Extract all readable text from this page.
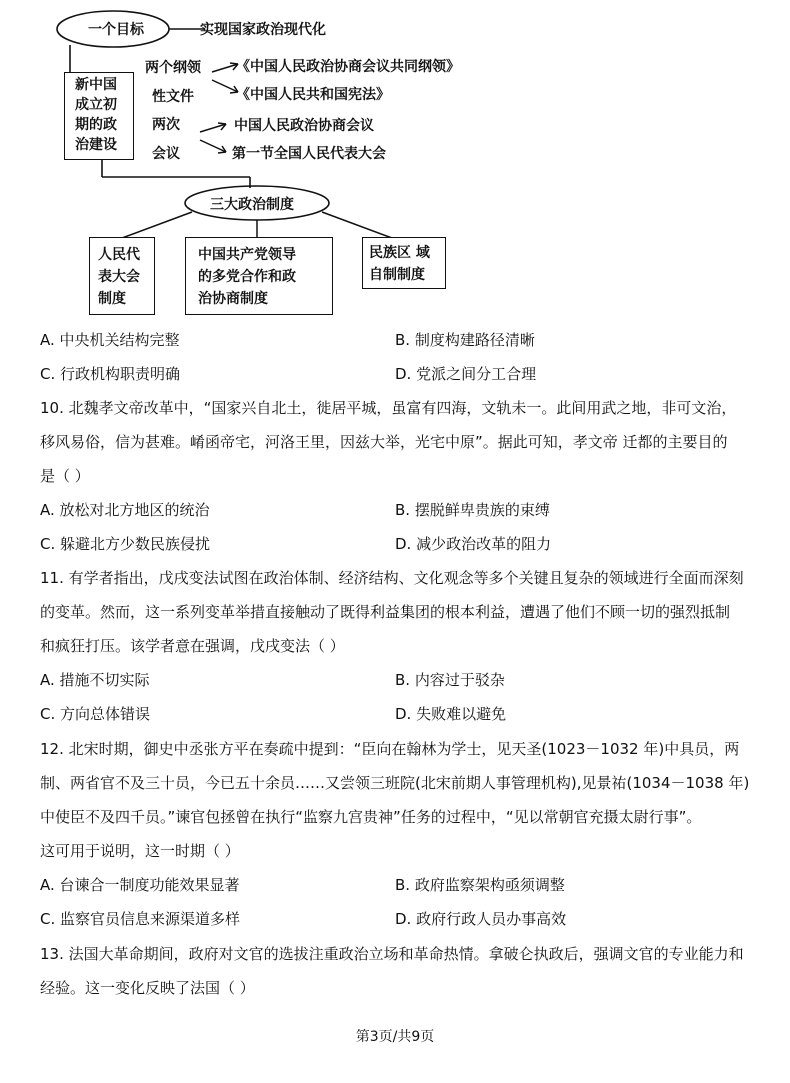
一个目标	实现国家政治现代化
新中国
成立初
期的政
治建设
两个纲领
性文件
《中国人民政治协商会议共同纲领》
《中国人民共和国宪法》
两次
会议
中国人民政治协商会议
第一节全国人民代表大会
三大政治制度
人民代
表大会
制度
中国共产党领导
的多党合作和政
治协商制度
民族区 域
自制制度
A. 中央机关结构完整	B. 制度构建路径清晰
C. 行政机构职责明确	D. 党派之间分工合理
10. 北魏孝文帝改革中，“国家兴自北土，徙居平城，虽富有四海，文轨未一。此间用武之地，非可文治，
移风易俗，信为甚难。崤函帝宅，河洛王里，因兹大举，光宅中原”。据此可知，孝文帝 迁都的主要目的
是（ ）
A. 放松对北方地区的统治	B. 摆脱鲜卑贵族的束缚
C. 躲避北方少数民族侵扰	D. 减少政治改革的阻力
11. 有学者指出，戊戌变法试图在政治体制、经济结构、文化观念等多个关键且复杂的领域进行全面而深刻
的变革。然而，这一系列变革举措直接触动了既得利益集团的根本利益，遭遇了他们不顾一切的强烈抵制
和疯狂打压。该学者意在强调，戊戌变法（ ）
A. 措施不切实际	B. 内容过于驳杂
C. 方向总体错误	D. 失败难以避免
12. 北宋时期，御史中丞张方平在奏疏中提到：“臣向在翰林为学士，见天圣(1023－1032 年)中具员，两
制、两省官不及三十员，今已五十余员……又尝领三班院(北宋前期人事管理机构),见景祐(1034－1038 年)
中使臣不及四千员。”谏官包拯曾在执行“监察九宫贵神”任务的过程中，“见以常朝官充摄太尉行事”。
这可用于说明，这一时期（ ）
A. 台谏合一制度功能效果显著	B. 政府监察架构亟须调整
C. 监察官员信息来源渠道多样	D. 政府行政人员办事高效
13. 法国大革命期间，政府对文官的选拔注重政治立场和革命热情。拿破仑执政后，强调文官的专业能力和
经验。这一变化反映了法国（ ）
第3页/共9页
